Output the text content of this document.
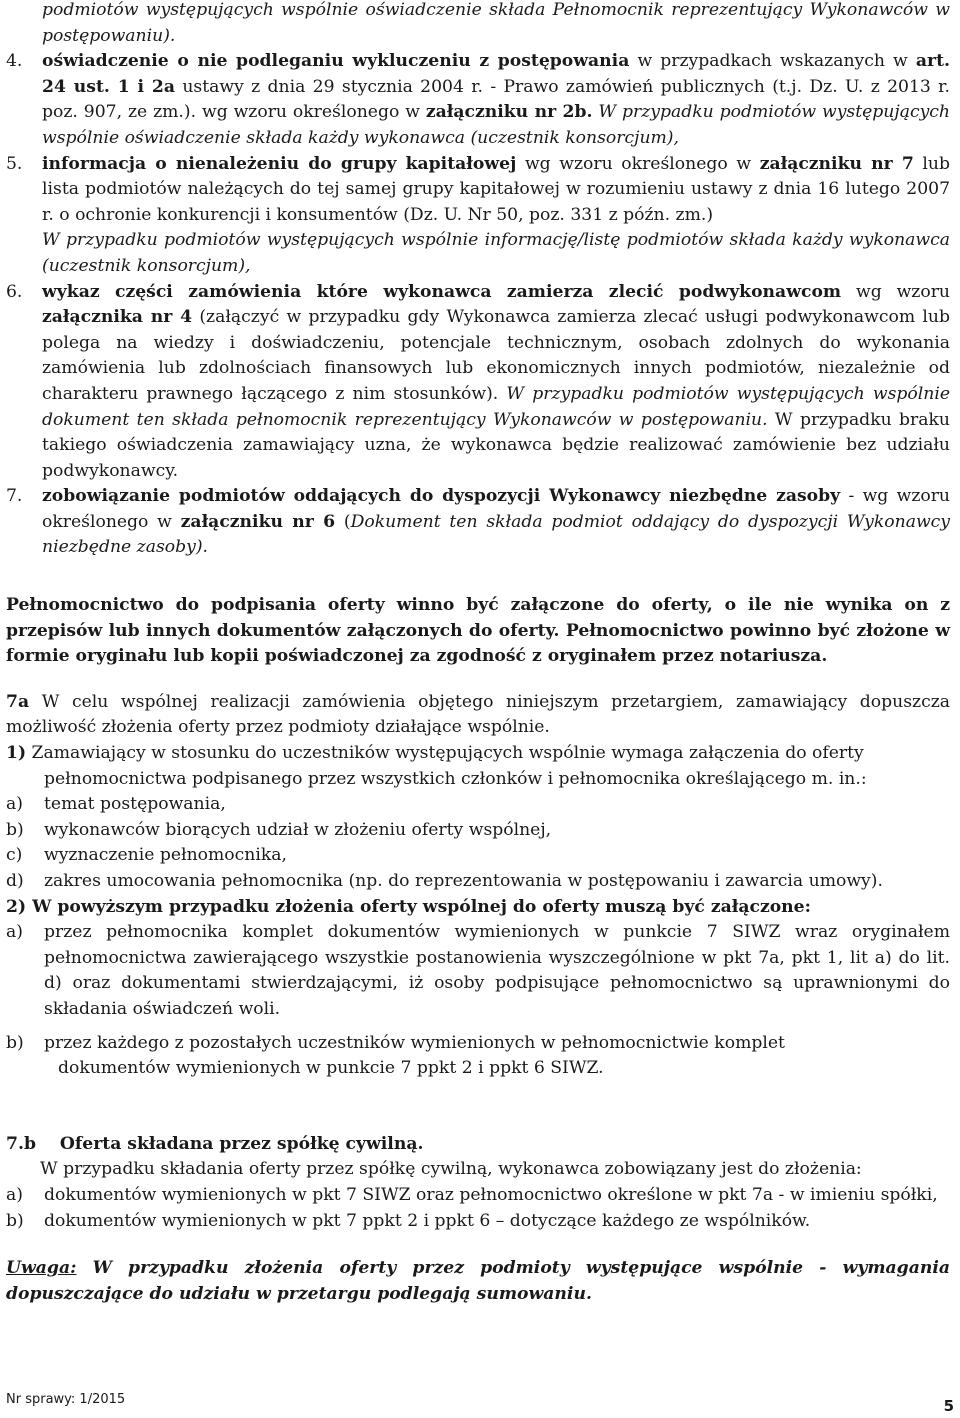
podmiotów występujących wspólnie oświadczenie składa Pełnomocnik reprezentujący Wykonawców w postępowaniu).
4.	oświadczenie o nie podleganiu wykluczeniu z postępowania w przypadkach wskazanych w art. 24 ust. 1 i 2a ustawy z dnia 29 stycznia 2004 r. - Prawo zamówień publicznych (t.j. Dz. U. z 2013 r. poz. 907, ze zm.). wg wzoru określonego w załączniku nr 2b. W przypadku podmiotów występujących wspólnie oświadczenie składa każdy wykonawca (uczestnik konsorcjum),
5.	informacja o nienależeniu do grupy kapitałowej wg wzoru określonego w załączniku nr 7 lub lista podmiotów należących do tej samej grupy kapitałowej w rozumieniu ustawy z dnia 16 lutego 2007 r. o ochronie konkurencji i konsumentów (Dz. U. Nr 50, poz. 331 z późn. zm.)
W przypadku podmiotów występujących wspólnie informację/listę podmiotów składa każdy wykonawca (uczestnik konsorcjum),
6.	wykaz części zamówienia które wykonawca zamierza zlecić podwykonawcom wg wzoru załącznika nr 4 (załączyć w przypadku gdy Wykonawca zamierza zlecać usługi podwykonawcom lub polega na wiedzy i doświadczeniu, potencjale technicznym, osobach zdolnych do wykonania zamówienia lub zdolnościach finansowych lub ekonomicznych innych podmiotów, niezależnie od charakteru prawnego łączącego z nim stosunków). W przypadku podmiotów występujących wspólnie dokument ten składa pełnomocnik reprezentujący Wykonawców w postępowaniu. W przypadku braku takiego oświadczenia zamawiający uzna, że wykonawca będzie realizować zamówienie bez udziału podwykonawcy.
7.	zobowiązanie podmiotów oddających do dyspozycji Wykonawcy niezbędne zasoby - wg wzoru określonego w załączniku nr 6 (Dokument ten składa podmiot oddający do dyspozycji Wykonawcy niezbędne zasoby).
Pełnomocnictwo do podpisania oferty winno być załączone do oferty, o ile nie wynika on z przepisów lub innych dokumentów załączonych do oferty. Pełnomocnictwo powinno być złożone w formie oryginału lub kopii poświadczonej za zgodność z oryginałem przez notariusza.
7a W celu wspólnej realizacji zamówienia objętego niniejszym przetargiem, zamawiający dopuszcza możliwość złożenia oferty przez podmioty działające wspólnie.
1) Zamawiający w stosunku do uczestników występujących wspólnie wymaga załączenia do oferty
pełnomocnictwa podpisanego przez wszystkich członków i pełnomocnika określającego m. in.:
a)	temat postępowania,
b)	wykonawców biorących udział w złożeniu oferty wspólnej,
c)	wyznaczenie pełnomocnika,
d)	zakres umocowania pełnomocnika (np. do reprezentowania w postępowaniu i zawarcia umowy).
2) W powyższym przypadku złożenia oferty wspólnej do oferty muszą być załączone:
a)	przez pełnomocnika komplet dokumentów wymienionych w punkcie 7 SIWZ wraz oryginałem pełnomocnictwa zawierającego wszystkie postanowienia wyszczególnione w pkt 7a, pkt 1, lit a) do lit. d) oraz dokumentami stwierdzającymi, iż osoby podpisujące pełnomocnictwo są uprawnionymi do składania oświadczeń woli.
b)	przez każdego z pozostałych uczestników wymienionych w pełnomocnictwie komplet
dokumentów wymienionych w punkcie 7 ppkt 2 i ppkt 6 SIWZ.
7.b    Oferta składana przez spółkę cywilną.
W przypadku składania oferty przez spółkę cywilną, wykonawca zobowiązany jest do złożenia:
a)	dokumentów wymienionych w pkt 7 SIWZ oraz pełnomocnictwo określone w pkt 7a - w imieniu spółki,
b)	dokumentów wymienionych w pkt 7 ppkt 2 i ppkt 6 – dotyczące każdego ze wspólników.
Uwaga: W przypadku złożenia oferty przez podmioty występujące wspólnie - wymagania dopuszczające do udziału w przetargu podlegają sumowaniu.
Nr sprawy: 1/2015	5
